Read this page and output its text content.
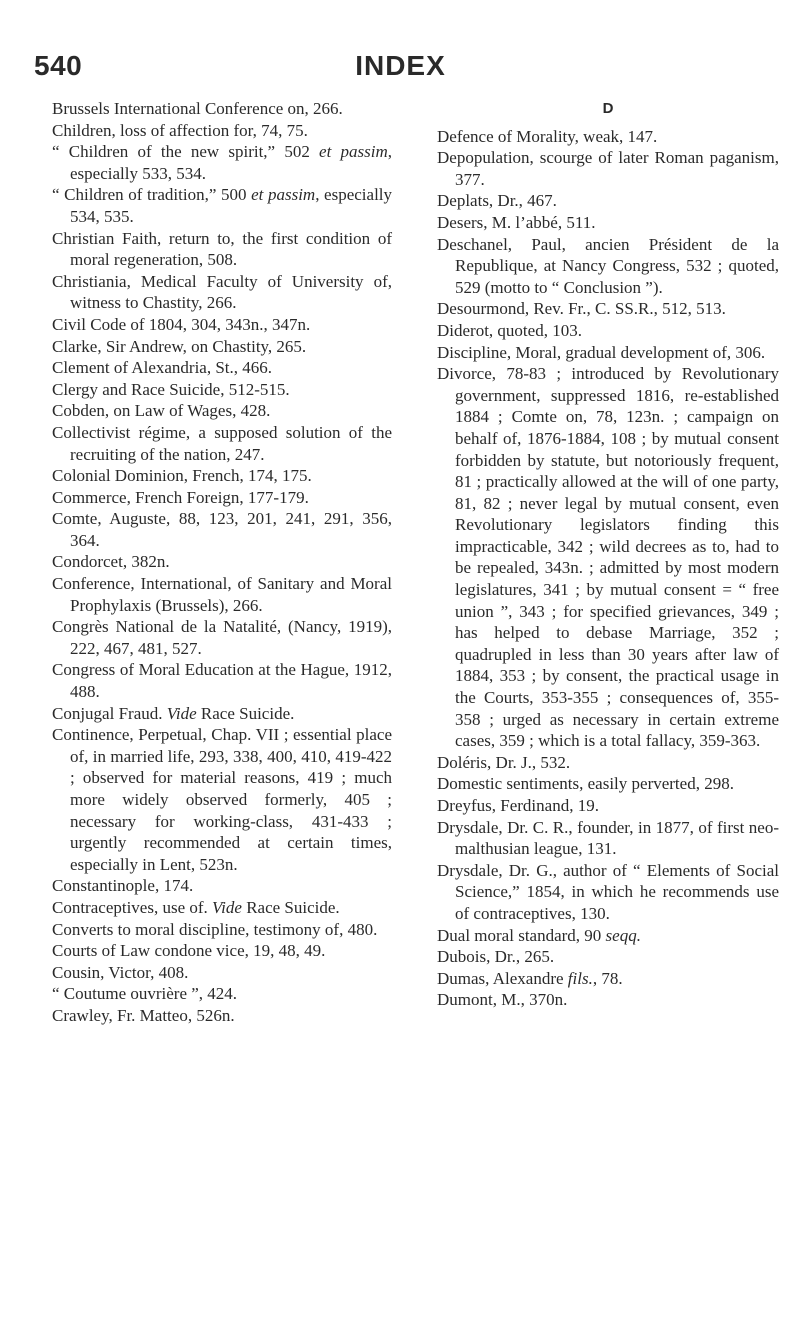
540	INDEX

Brussels International Conference on, 266.

Children, loss of affection for, 74, 75.

“ Children of the new spirit,” 502 et passim, especially 533, 534.

“ Children of tradition,” 500 et passim, especially 534, 535.

Christian Faith, return to, the first condition of moral regeneration, 508.

Christiania, Medical Faculty of University of, witness to Chastity, 266.

Civil Code of 1804, 304, 343n., 347n.

Clarke, Sir Andrew, on Chastity, 265.

Clement of Alexandria, St., 466.

Clergy and Race Suicide, 512-515.

Cobden, on Law of Wages, 428.

Collectivist régime, a supposed solution of the recruiting of the nation, 247.

Colonial Dominion, French, 174, 175.

Commerce, French Foreign, 177-179.

Comte, Auguste, 88, 123, 201, 241, 291, 356, 364.

Condorcet, 382n.

Conference, International, of Sanitary and Moral Prophylaxis (Brussels), 266.

Congrès National de la Natalité, (Nancy, 1919), 222, 467, 481, 527.

Congress of Moral Education at the Hague, 1912, 488.

Conjugal Fraud. Vide Race Suicide.

Continence, Perpetual, Chap. VII ; essential place of, in married life, 293, 338, 400, 410, 419-422 ; observed for material reasons, 419 ; much more widely observed formerly, 405 ; necessary for working-class, 431-433 ; urgently recommended at certain times, especially in Lent, 523n.

Constantinople, 174.

Contraceptives, use of. Vide Race Suicide.

Converts to moral discipline, testimony of, 480.

Courts of Law condone vice, 19, 48, 49.

Cousin, Victor, 408.

“ Coutume ouvrière ”, 424.

Crawley, Fr. Matteo, 526n.

D

Defence of Morality, weak, 147.

Depopulation, scourge of later Roman paganism, 377.

Deplats, Dr., 467.

Desers, M. l’abbé, 511.

Deschanel, Paul, ancien Président de la Republique, at Nancy Congress, 532 ; quoted, 529 (motto to “ Conclusion ”).

Desourmond, Rev. Fr., C. SS.R., 512, 513.

Diderot, quoted, 103.

Discipline, Moral, gradual development of, 306.

Divorce, 78-83 ; introduced by Revolutionary government, suppressed 1816, re-established 1884 ; Comte on, 78, 123n. ; campaign on behalf of, 1876-1884, 108 ; by mutual consent forbidden by statute, but notoriously frequent, 81 ; practically allowed at the will of one party, 81, 82 ; never legal by mutual consent, even Revolutionary legislators finding this impracticable, 342 ; wild decrees as to, had to be repealed, 343n. ; admitted by most modern legislatures, 341 ; by mutual consent = “ free union ”, 343 ; for specified grievances, 349 ; has helped to debase Marriage, 352 ; quadrupled in less than 30 years after law of 1884, 353 ; by consent, the practical usage in the Courts, 353-355 ; consequences of, 355-358 ; urged as necessary in certain extreme cases, 359 ; which is a total fallacy, 359-363.

Doléris, Dr. J., 532.

Domestic sentiments, easily perverted, 298.

Dreyfus, Ferdinand, 19.

Drysdale, Dr. C. R., founder, in 1877, of first neo-malthusian league, 131.

Drysdale, Dr. G., author of “ Elements of Social Science,” 1854, in which he recommends use of contraceptives, 130.

Dual moral standard, 90 seqq.

Dubois, Dr., 265.

Dumas, Alexandre fils., 78.

Dumont, M., 370n.
